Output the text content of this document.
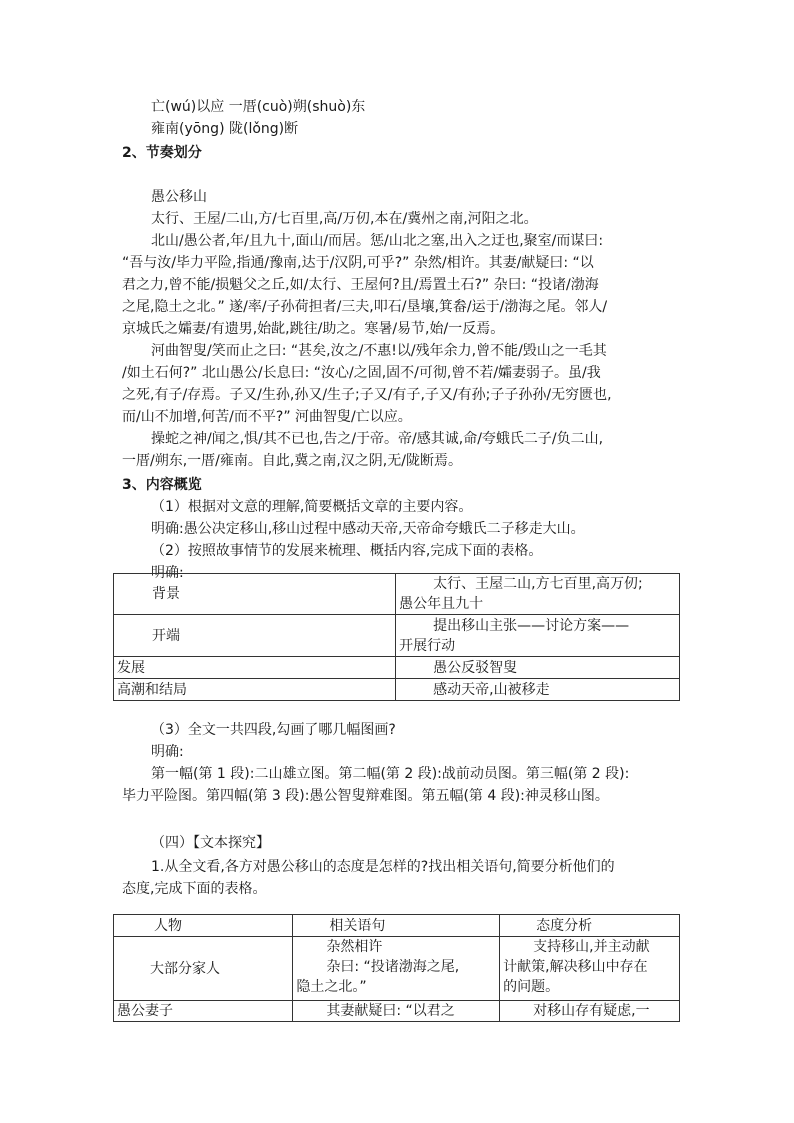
亡(wú)以应 一厝(cuò)朔(shuò)东
雍南(yōng) 陇(lǒng)断
2、节奏划分
愚公移山
太行、王屋/二山,方/七百里,高/万仞,本在/冀州之南,河阳之北。
北山/愚公者,年/且九十,面山/而居。惩/山北之塞,出入之迂也,聚室/而谋曰:
“吾与汝/毕力平险,指通/豫南,达于/汉阴,可乎?” 杂然/相许。其妻/献疑曰: “以
君之力,曾不能/损魁父之丘,如/太行、王屋何?且/焉置土石?” 杂曰: “投诸/渤海
之尾,隐土之北。” 遂/率/子孙荷担者/三夫,叩石/垦壤,箕畚/运于/渤海之尾。邻人/
京城氏之孀妻/有遗男,始龀,跳往/助之。寒暑/易节,始/一反焉。
河曲智叟/笑而止之曰: “甚矣,汝之/不惠!以/残年余力,曾不能/毁山之一毛其
/如土石何?” 北山愚公/长息曰: “汝心/之固,固不/可彻,曾不若/孀妻弱子。虽/我
之死,有子/存焉。子又/生孙,孙又/生子;子又/有子,子又/有孙;子子孙孙/无穷匮也,
而/山不加增,何苦/而不平?” 河曲智叟/亡以应。
操蛇之神/闻之,惧/其不已也,告之/于帝。帝/感其诚,命/夸蛾氏二子/负二山,
一厝/朔东,一厝/雍南。自此,冀之南,汉之阴,无/陇断焉。
3、内容概览
（1）根据对文意的理解,简要概括文章的主要内容。
明确:愚公决定移山,移山过程中感动天帝,天帝命夸蛾氏二子移走大山。
（2）按照故事情节的发展来梳理、概括内容,完成下面的表格。
明确:
背景	太行、王屋二山,方七百里,高万仞;
愚公年且九十

开端	提出移山主张——讨论方案——
开展行动

发展	愚公反驳智叟

高潮和结局	感动天帝,山被移走
（3）全文一共四段,勾画了哪几幅图画?
明确:
第一幅(第 1 段):二山雄立图。第二幅(第 2 段):战前动员图。第三幅(第 2 段):
毕力平险图。第四幅(第 3 段):愚公智叟辩难图。第五幅(第 4 段):神灵移山图。
（四）【文本探究】
1.从全文看,各方对愚公移山的态度是怎样的?找出相关语句,简要分析他们的
态度,完成下面的表格。
人物	相关语句	态度分析
大部分家人	杂然相许
杂曰: “投诸渤海之尾,
隐土之北。”	支持移山,并主动献
计献策,解决移山中存在
的问题。

愚公妻子	其妻献疑曰: “以君之	对移山存有疑虑,一
